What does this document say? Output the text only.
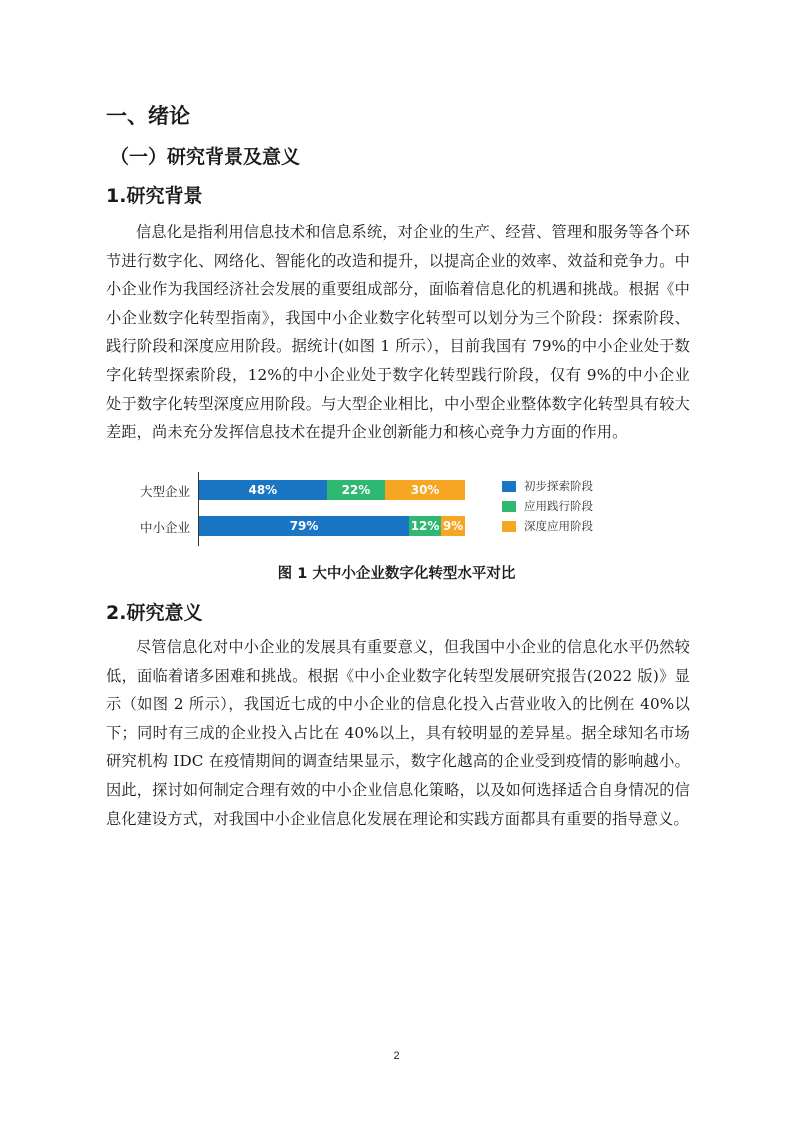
一、绪论
（一）研究背景及意义
1.研究背景

信息化是指利用信息技术和信息系统，对企业的生产、经营、管理和服务等各个环节进行数字化、网络化、智能化的改造和提升，以提高企业的效率、效益和竞争力。中小企业作为我国经济社会发展的重要组成部分，面临着信息化的机遇和挑战。根据《中小企业数字化转型指南》，我国中小企业数字化转型可以划分为三个阶段：探索阶段、践行阶段和深度应用阶段。据统计(如图 1 所示），目前我国有 79%的中小企业处于数字化转型探索阶段，12%的中小企业处于数字化转型践行阶段，仅有 9%的中小企业处于数字化转型深度应用阶段。与大型企业相比，中小型企业整体数字化转型具有较大差距，尚未充分发挥信息技术在提升企业创新能力和核心竞争力方面的作用。

大型企业	48%	22%	30%
中小企业	79%	12% 9%
初步探索阶段
应用践行阶段
深度应用阶段

图 1 大中小企业数字化转型水平对比

2.研究意义

尽管信息化对中小企业的发展具有重要意义，但我国中小企业的信息化水平仍然较低，面临着诸多困难和挑战。根据《中小企业数字化转型发展研究报告(2022 版)》显示（如图 2 所示），我国近七成的中小企业的信息化投入占营业收入的比例在 40%以下；同时有三成的企业投入占比在 40%以上，具有较明显的差异星。据全球知名市场研究机构 IDC 在疫情期间的调查结果显示，数字化越高的企业受到疫情的影响越小。因此，探讨如何制定合理有效的中小企业信息化策略，以及如何选择适合自身情况的信息化建设方式，对我国中小企业信息化发展在理论和实践方面都具有重要的指导意义。

2
